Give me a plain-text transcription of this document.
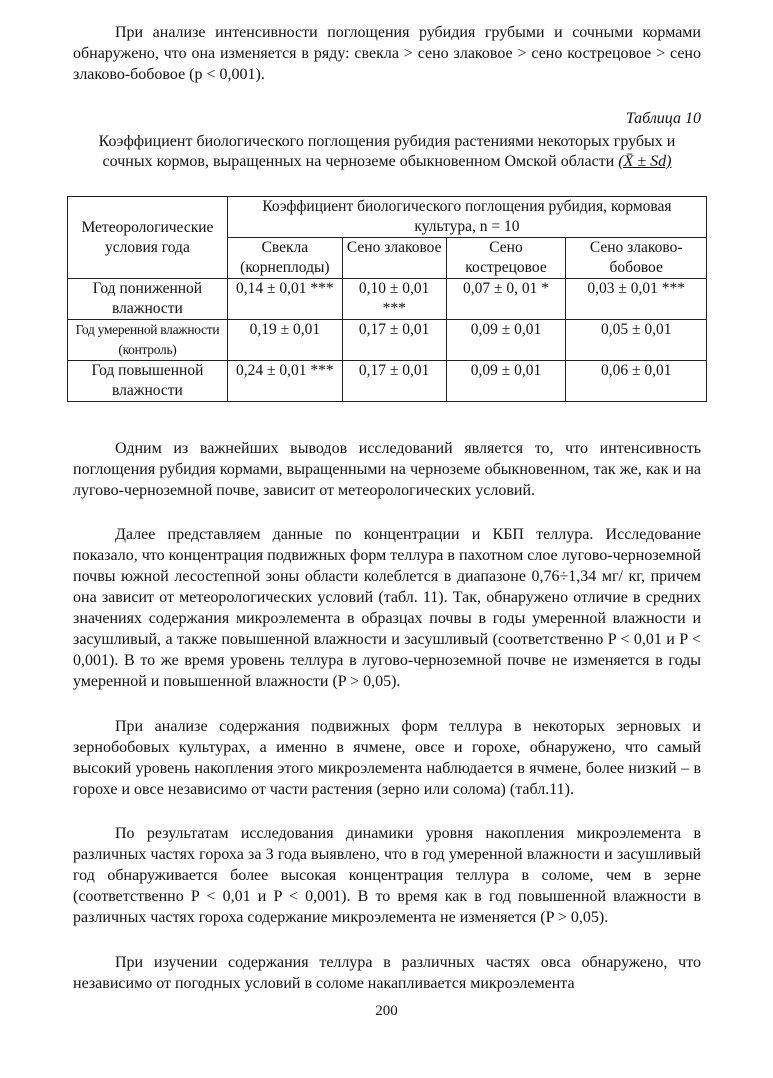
При анализе интенсивности поглощения рубидия грубыми и сочными кормами обнаружено, что она изменяется в ряду: свекла > сено злаковое > сено кострецовое > сено злаково-бобовое (p < 0,001).

Таблица 10
Коэффициент биологического поглощения рубидия растениями некоторых грубых и сочных кормов, выращенных на черноземе обыкновенном Омской области (X̄ ± Sd)
Метеорологические условия года	Коэффициент биологического поглощения рубидия, кормовая культура, n = 10			
	Свекла (корнеплоды)	Сено злаковое	Сено кострецовое	Сено злаково-бобовое
Год пониженной влажности	0,14 ± 0,01 ***	0,10 ± 0,01 ***	0,07 ± 0, 01 *	0,03 ± 0,01 ***
Год умеренной влажности (контроль)	0,19 ± 0,01	0,17 ± 0,01	0,09 ± 0,01	0,05 ± 0,01
Год повышенной влажности	0,24 ± 0,01 ***	0,17 ± 0,01	0,09 ± 0,01	0,06 ± 0,01

Одним из важнейших выводов исследований является то, что интенсивность поглощения рубидия кормами, выращенными на черноземе обыкновенном, так же, как и на лугово-черноземной почве, зависит от метеорологических условий.

Далее представляем данные по концентрации и КБП теллура. Исследование показало, что концентрация подвижных форм теллура в пахотном слое лугово-черноземной почвы южной лесостепной зоны области колеблется в диапазоне 0,76÷1,34 мг/ кг, причем она зависит от метеорологических условий (табл. 11). Так, обнаружено отличие в средних значениях содержания микроэлемента в образцах почвы в годы умеренной влажности и засушливый, а также повышенной влажности и засушливый (соответственно P < 0,01 и P < 0,001). В то же время уровень теллура в лугово-черноземной почве не изменяется в годы умеренной и повышенной влажности (P > 0,05).

При анализе содержания подвижных форм теллура в некоторых зерновых и зернобобовых культурах, а именно в ячмене, овсе и горохе, обнаружено, что самый высокий уровень накопления этого микроэлемента наблюдается в ячмене, более низкий – в горохе и овсе независимо от части растения (зерно или солома) (табл.11).

По результатам исследования динамики уровня накопления микроэлемента в различных частях гороха за 3 года выявлено, что в год умеренной влажности и засушливый год обнаруживается более высокая концентрация теллура в соломе, чем в зерне (соответственно P < 0,01 и P < 0,001). В то время как в год повышенной влажности в различных частях гороха содержание микроэлемента не изменяется (P > 0,05).

При изучении содержания теллура в различных частях овса обнаружено, что независимо от погодных условий в соломе накапливается микроэлемента

200
